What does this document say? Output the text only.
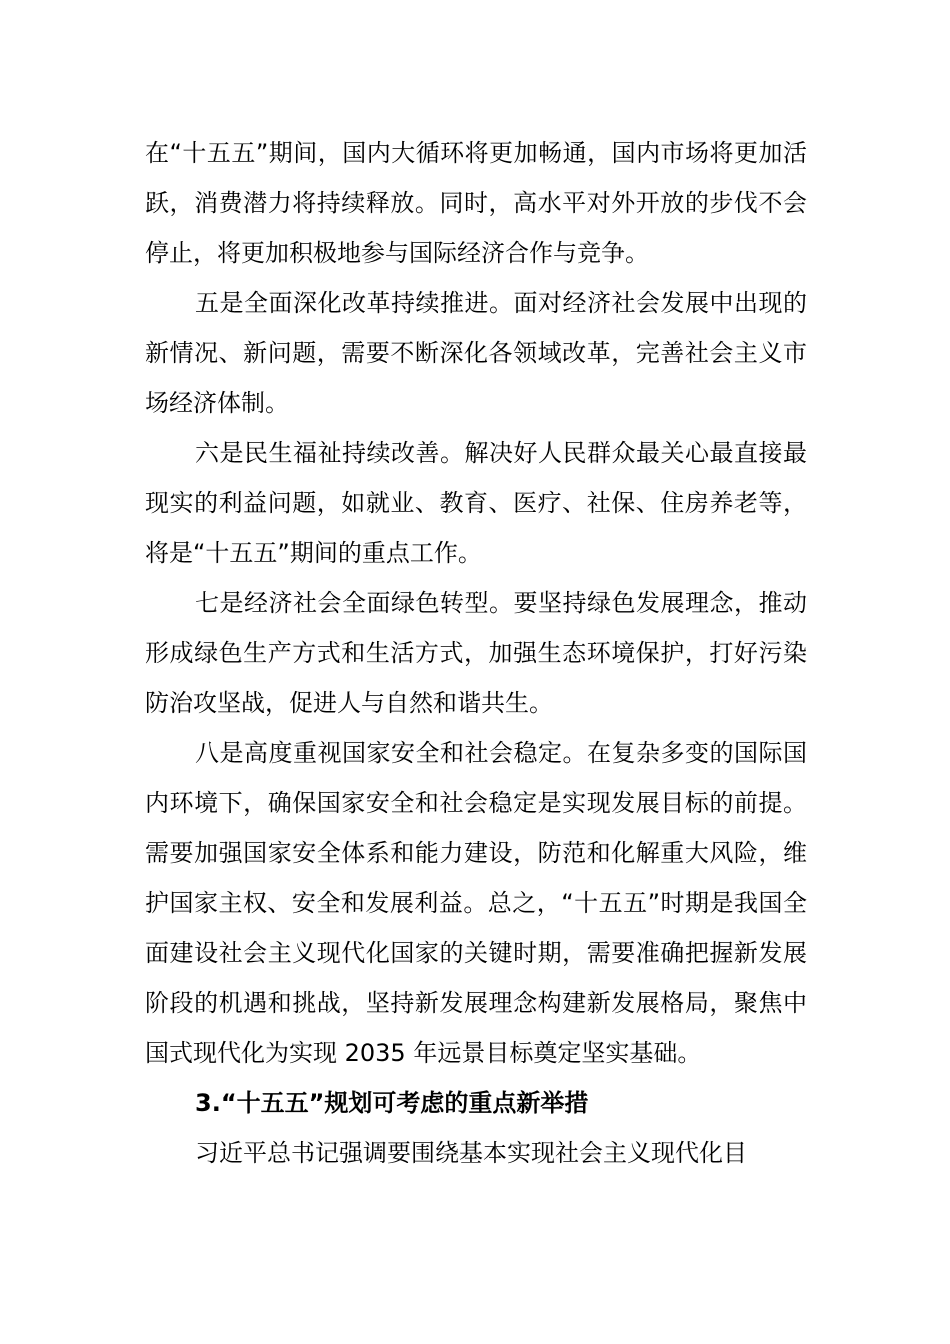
在“十五五”期间，国内大循环将更加畅通，国内市场将更加活跃，消费潜力将持续释放。同时，高水平对外开放的步伐不会停止，将更加积极地参与国际经济合作与竞争。

五是全面深化改革持续推进。面对经济社会发展中出现的新情况、新问题，需要不断深化各领域改革，完善社会主义市场经济体制。

六是民生福祉持续改善。解决好人民群众最关心最直接最现实的利益问题，如就业、教育、医疗、社保、住房养老等，将是“十五五”期间的重点工作。

七是经济社会全面绿色转型。要坚持绿色发展理念，推动形成绿色生产方式和生活方式，加强生态环境保护，打好污染防治攻坚战，促进人与自然和谐共生。

八是高度重视国家安全和社会稳定。在复杂多变的国际国内环境下，确保国家安全和社会稳定是实现发展目标的前提。需要加强国家安全体系和能力建设，防范和化解重大风险，维护国家主权、安全和发展利益。总之，“十五五”时期是我国全面建设社会主义现代化国家的关键时期，需要准确把握新发展阶段的机遇和挑战，坚持新发展理念构建新发展格局，聚焦中国式现代化为实现 2035 年远景目标奠定坚实基础。

3.“十五五”规划可考虑的重点新举措

习近平总书记强调要围绕基本实现社会主义现代化目
